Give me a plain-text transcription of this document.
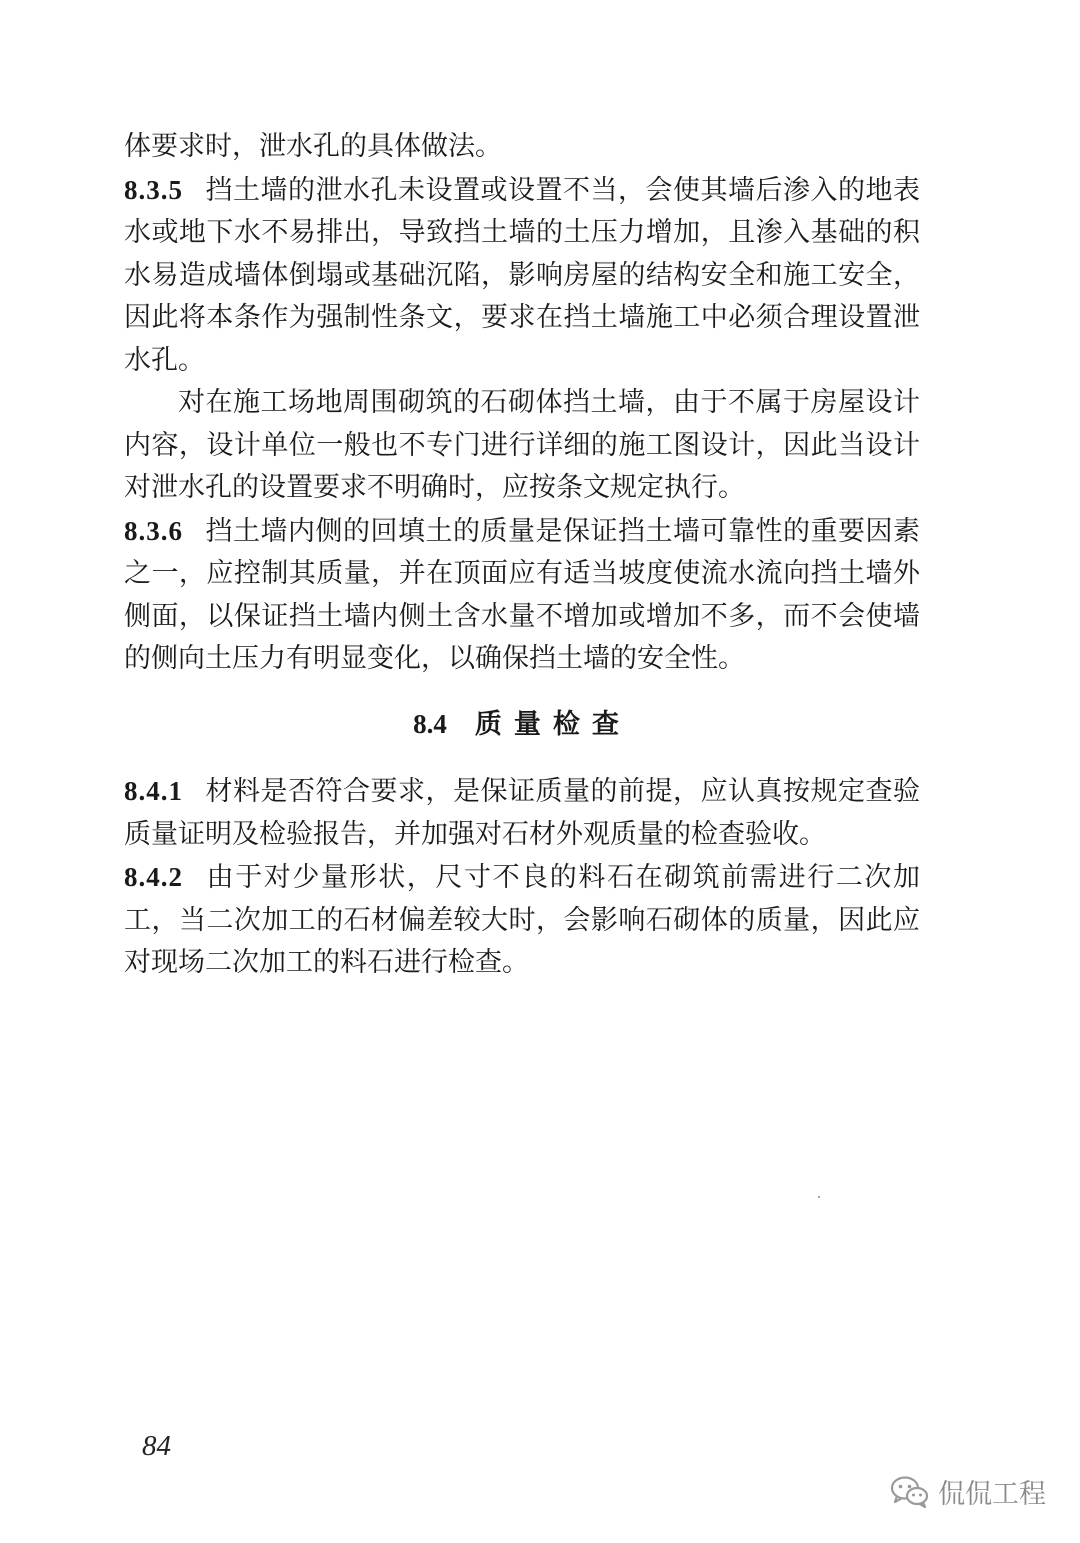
体要求时，泄水孔的具体做法。

8.3.5 挡土墙的泄水孔未设置或设置不当，会使其墙后渗入的地表水或地下水不易排出，导致挡土墙的土压力增加，且渗入基础的积水易造成墙体倒塌或基础沉陷，影响房屋的结构安全和施工安全，因此将本条作为强制性条文，要求在挡土墙施工中必须合理设置泄水孔。

对在施工场地周围砌筑的石砌体挡土墙，由于不属于房屋设计内容，设计单位一般也不专门进行详细的施工图设计，因此当设计对泄水孔的设置要求不明确时，应按条文规定执行。

8.3.6 挡土墙内侧的回填土的质量是保证挡土墙可靠性的重要因素之一，应控制其质量，并在顶面应有适当坡度使流水流向挡土墙外侧面，以保证挡土墙内侧土含水量不增加或增加不多，而不会使墙的侧向土压力有明显变化，以确保挡土墙的安全性。

8.4 质量检查

8.4.1 材料是否符合要求，是保证质量的前提，应认真按规定查验质量证明及检验报告，并加强对石材外观质量的检查验收。

8.4.2 由于对少量形状，尺寸不良的料石在砌筑前需进行二次加工，当二次加工的石材偏差较大时，会影响石砌体的质量，因此应对现场二次加工的料石进行检查。

84
侃侃工程
